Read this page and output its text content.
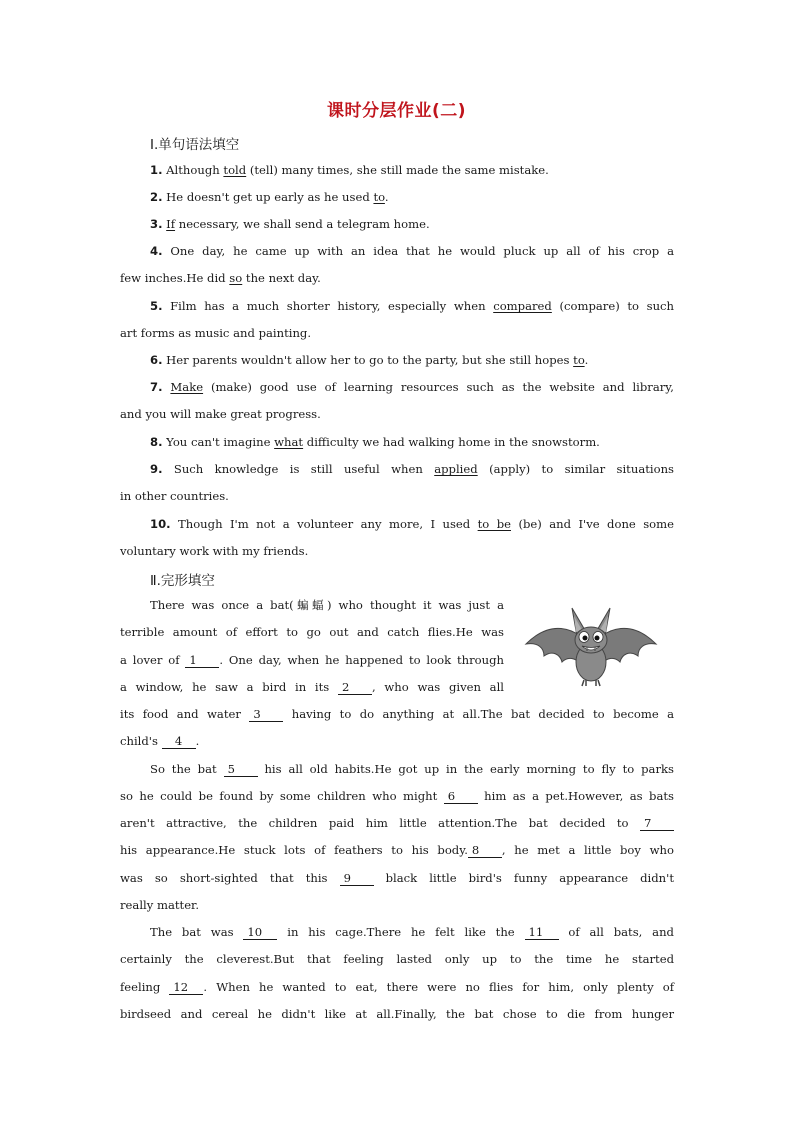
课时分层作业(二)
Ⅰ.单句语法填空
1. Although told (tell) many times, she still made the same mistake.
2. He doesn't get up early as he used to.
3. If necessary, we shall send a telegram home.
4. One day, he came up with an idea that he would pluck up all of his crop a
few inches.He did so the next day.
5. Film has a much shorter history, especially when compared (compare) to such
art forms as music and painting.
6. Her parents wouldn't allow her to go to the party, but she still hopes to.
7. Make (make) good use of learning resources such as the website and library,
and you will make great progress.
8. You can't imagine what difficulty we had walking home in the snowstorm.
9. Such knowledge is still useful when applied (apply) to similar situations
in other countries.
10. Though I'm not a volunteer any more, I used to be (be) and I've done some
voluntary work with my friends.
Ⅱ.完形填空
There was once a bat(蝙蝠) who thought it was just a
terrible amount of effort to go out and catch flies.He was
a lover of 1 . One day, when he happened to look through
a window, he saw a bird in its 2 , who was given all
its food and water 3 having to do anything at all.The bat decided to become a
child's 4 .
So the bat 5 his all old habits.He got up in the early morning to fly to parks
so he could be found by some children who might 6 him as a pet.However, as bats
aren't attractive, the children paid him little attention.The bat decided to 7
his appearance.He stuck lots of feathers to his body. 8 , he met a little boy who
was so short-sighted that this 9 black little bird's funny appearance didn't
really matter.
The bat was 10 in his cage.There he felt like the 11 of all bats, and
certainly the cleverest.But that feeling lasted only up to the time he started
feeling 12 . When he wanted to eat, there were no flies for him, only plenty of
birdseed and cereal he didn't like at all.Finally, the bat chose to die from hunger
